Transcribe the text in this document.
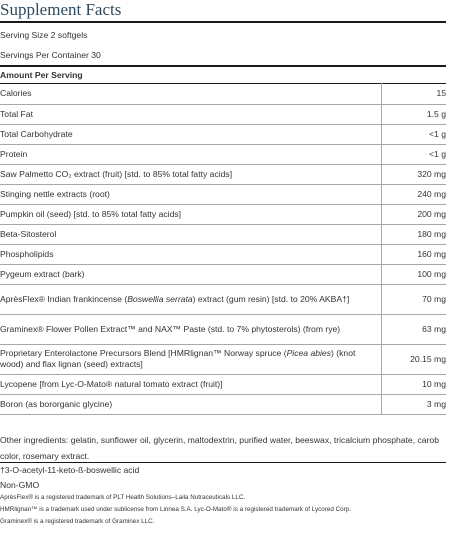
Supplement Facts
Serving Size 2 softgels
Servings Per Container 30
Amount Per Serving
Calories	15
Total Fat	1.5 g
Total Carbohydrate	<1 g
Protein	<1 g
Saw Palmetto CO₂ extract (fruit) [std. to 85% total fatty acids]	320 mg
Stinging nettle extracts (root)	240 mg
Pumpkin oil (seed) [std. to 85% total fatty acids]	200 mg
Beta-Sitosterol	180 mg
Phospholipids	160 mg
Pygeum extract (bark)	100 mg
AprèsFlex® Indian frankincense (Boswellia serrata) extract (gum resin) [std. to 20% AKBA†]	70 mg
Graminex® Flower Pollen Extract™ and NAX™ Paste (std. to 7% phytosterols) (from rye)	63 mg
Proprietary Enterolactone Precursors Blend [HMRlignan™ Norway spruce (Picea abies) (knot wood) and flax lignan (seed) extracts]	20.15 mg
Lycopene [from Lyc-O-Mato® natural tomato extract (fruit)]	10 mg
Boron (as bororganic glycine)	3 mg
Other ingredients: gelatin, sunflower oil, glycerin, maltodextrin, purified water, beeswax, tricalcium phosphate, carob color, rosemary extract.
†3-O-acetyl-11-keto-ß-boswellic acid
Non-GMO
AprèsFlex® is a registered trademark of PLT Health Solutions–Laila Nutraceuticals LLC.
HMRlignan™ is a trademark used under sublicense from Linnea S.A. Lyc-O-Mato® is a registered trademark of Lycored Corp.
Graminex® is a registered trademark of Graminex LLC.
